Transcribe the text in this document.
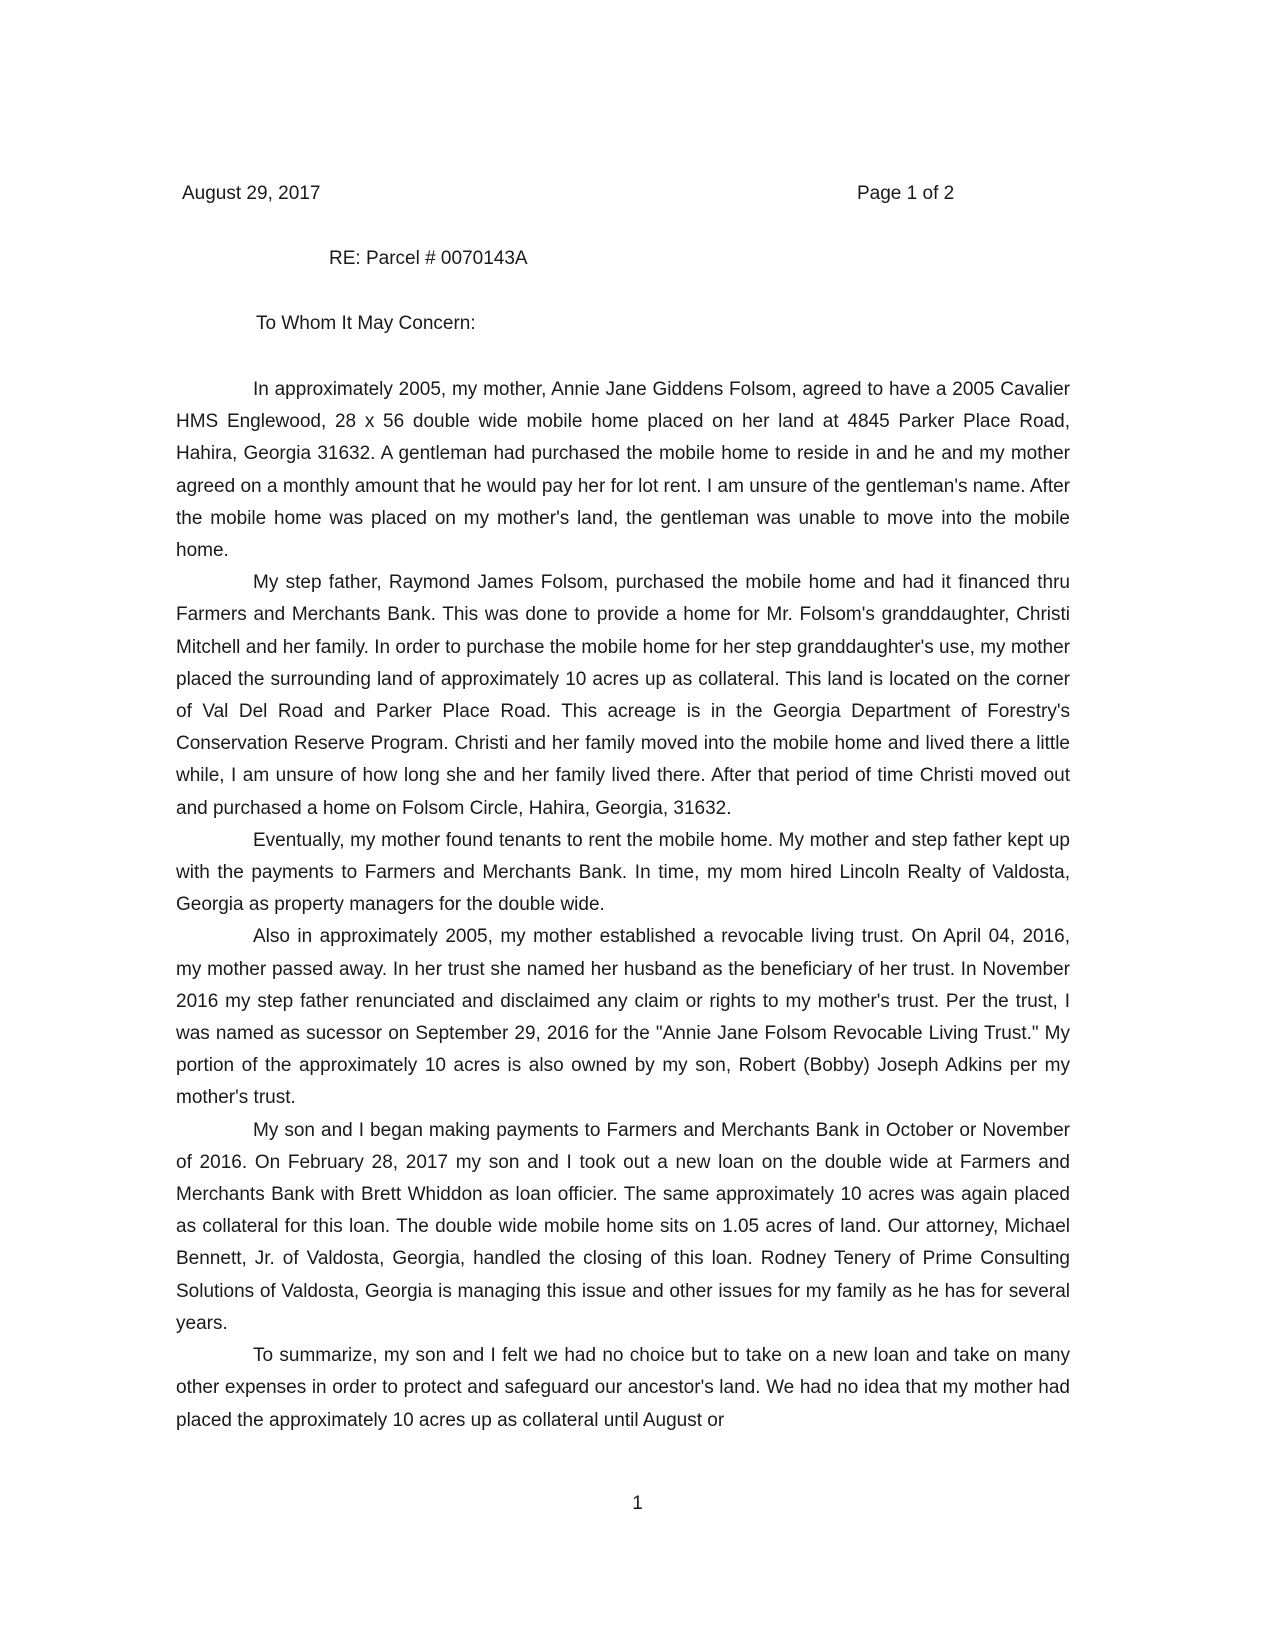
August 29, 2017	Page 1 of 2
RE: Parcel # 0070143A
To Whom It May Concern:

In approximately 2005, my mother, Annie Jane Giddens Folsom, agreed to have a 2005 Cavalier HMS Englewood, 28 x 56 double wide mobile home placed on her land at 4845 Parker Place Road, Hahira, Georgia 31632. A gentleman had purchased the mobile home to reside in and he and my mother agreed on a monthly amount that he would pay her for lot rent. I am unsure of the gentleman's name. After the mobile home was placed on my mother's land, the gentleman was unable to move into the mobile home.

My step father, Raymond James Folsom, purchased the mobile home and had it financed thru Farmers and Merchants Bank. This was done to provide a home for Mr. Folsom's granddaughter, Christi Mitchell and her family. In order to purchase the mobile home for her step granddaughter's use, my mother placed the surrounding land of approximately 10 acres up as collateral. This land is located on the corner of Val Del Road and Parker Place Road. This acreage is in the Georgia Department of Forestry's Conservation Reserve Program. Christi and her family moved into the mobile home and lived there a little while, I am unsure of how long she and her family lived there. After that period of time Christi moved out and purchased a home on Folsom Circle, Hahira, Georgia, 31632.

Eventually, my mother found tenants to rent the mobile home. My mother and step father kept up with the payments to Farmers and Merchants Bank. In time, my mom hired Lincoln Realty of Valdosta, Georgia as property managers for the double wide.

Also in approximately 2005, my mother established a revocable living trust. On April 04, 2016, my mother passed away. In her trust she named her husband as the beneficiary of her trust. In November 2016 my step father renunciated and disclaimed any claim or rights to my mother's trust. Per the trust, I was named as sucessor on September 29, 2016 for the "Annie Jane Folsom Revocable Living Trust." My portion of the approximately 10 acres is also owned by my son, Robert (Bobby) Joseph Adkins per my mother's trust.

My son and I began making payments to Farmers and Merchants Bank in October or November of 2016. On February 28, 2017 my son and I took out a new loan on the double wide at Farmers and Merchants Bank with Brett Whiddon as loan officier. The same approximately 10 acres was again placed as collateral for this loan. The double wide mobile home sits on 1.05 acres of land. Our attorney, Michael Bennett, Jr. of Valdosta, Georgia, handled the closing of this loan. Rodney Tenery of Prime Consulting Solutions of Valdosta, Georgia is managing this issue and other issues for my family as he has for several years.

To summarize, my son and I felt we had no choice but to take on a new loan and take on many other expenses in order to protect and safeguard our ancestor's land. We had no idea that my mother had placed the approximately 10 acres up as collateral until August or

1
